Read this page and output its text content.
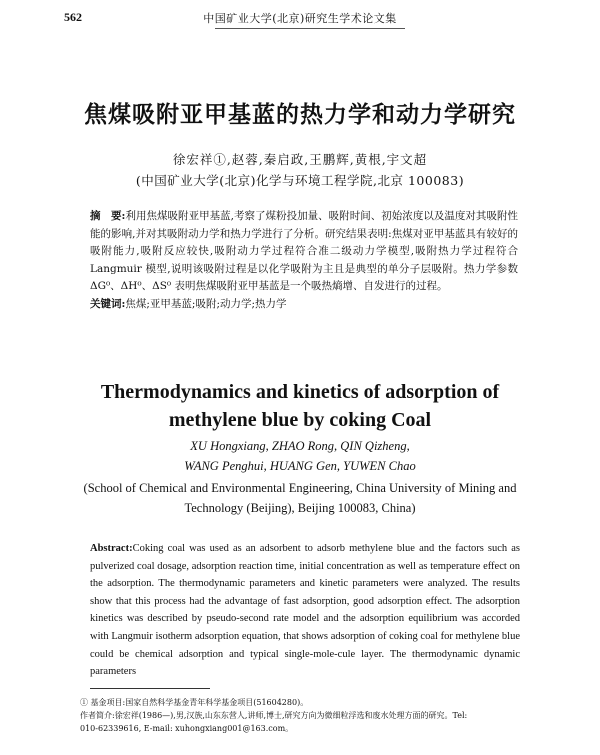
562	中国矿业大学(北京)研究生学术论文集
焦煤吸附亚甲基蓝的热力学和动力学研究
徐宏祥①,赵蓉,秦启政,王鹏辉,黄根,宇文超
(中国矿业大学(北京)化学与环境工程学院,北京 100083)
摘　要:利用焦煤吸附亚甲基蓝,考察了煤粉投加量、吸附时间、初始浓度以及温度对其吸附性能的影响,并对其吸附动力学和热力学进行了分析。研究结果表明:焦煤对亚甲基蓝具有较好的吸附能力,吸附反应较快,吸附动力学过程符合准二级动力学模型,吸附热力学过程符合 Langmuir 模型,说明该吸附过程是以化学吸附为主且是典型的单分子层吸附。热力学参数 ΔG⁰、ΔH⁰、ΔS⁰ 表明焦煤吸附亚甲基蓝是一个吸热熵增、自发进行的过程。
关键词:焦煤;亚甲基蓝;吸附;动力学;热力学
Thermodynamics and kinetics of adsorption of
methylene blue by coking Coal
XU Hongxiang, ZHAO Rong, QIN Qizheng,
WANG Penghui, HUANG Gen, YUWEN Chao
(School of Chemical and Environmental Engineering, China University of Mining and Technology (Beijing), Beijing 100083, China)
Abstract:Coking coal was used as an adsorbent to adsorb methylene blue and the factors such as pulverized coal dosage, adsorption reaction time, initial concentration as well as temperature effect on the adsorption. The thermodynamic parameters and kinetic parameters were analyzed. The results show that this process had the advantage of fast adsorption, good adsorption effect. The adsorption kinetics was described by pseudo-second rate model and the adsorption equilibrium was accorded with Langmuir isotherm adsorption equation, that shows adsorption of coking coal for methylene blue could be chemical adsorption and typical single-mole-cule layer. The thermodynamic dynamic parameters
① 基金项目:国家自然科学基金青年科学基金项目(51604280)。
作者简介:徐宏祥(1986—),男,汉族,山东东营人,讲师,博士,研究方向为微细粒浮选和废水处理方面的研究。Tel:
010-62339616, E-mail: xuhongxiang001@163.com。
